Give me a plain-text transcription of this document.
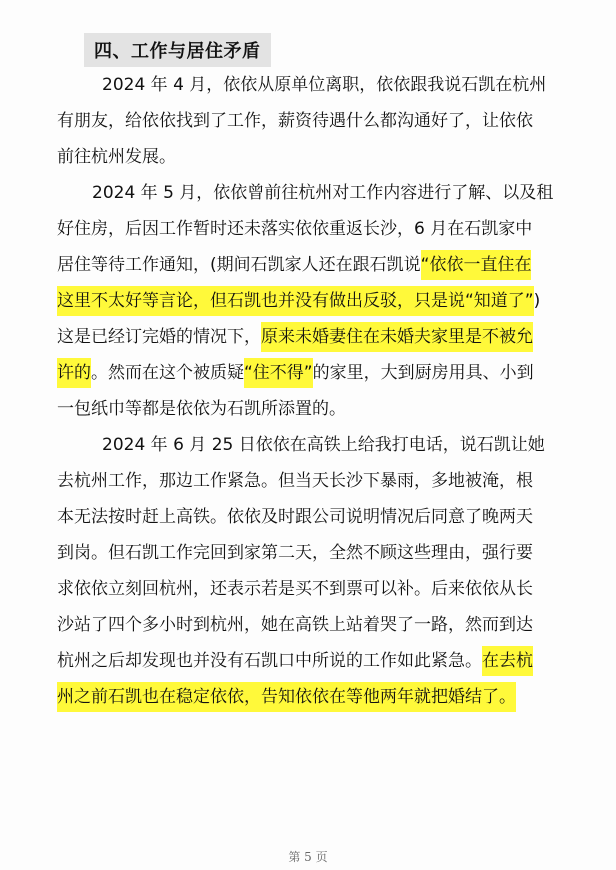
四、工作与居住矛盾
2024 年 4 月，依依从原单位离职，依依跟我说石凯在杭州
有朋友，给依依找到了工作，薪资待遇什么都沟通好了，让依依
前往杭州发展。
2024 年 5 月，依依曾前往杭州对工作内容进行了解、以及租
好住房，后因工作暂时还未落实依依重返长沙，6 月在石凯家中
居住等待工作通知，(期间石凯家人还在跟石凯说 “依依一直住在
这里不太好等言论，但石凯也并没有做出反驳，只是说“知道了” )
这是已经订完婚的情况下， 原来未婚妻住在未婚夫家里是不被允
许的 。然而在这个被质疑 “住不得” 的家里，大到厨房用具、小到
一包纸巾等都是依依为石凯所添置的。
2024 年 6 月 25 日依依在高铁上给我打电话，说石凯让她
去杭州工作，那边工作紧急。但当天长沙下暴雨，多地被淹，根
本无法按时赶上高铁。依依及时跟公司说明情况后同意了晚两天
到岗。但石凯工作完回到家第二天，全然不顾这些理由，强行要
求依依立刻回杭州，还表示若是买不到票可以补。后来依依从长
沙站了四个多小时到杭州，她在高铁上站着哭了一路，然而到达
杭州之后却发现也并没有石凯口中所说的工作如此紧急。 在去杭
州之前石凯也在稳定依依，告知依依在等他两年就把婚结了。
第 5 页
